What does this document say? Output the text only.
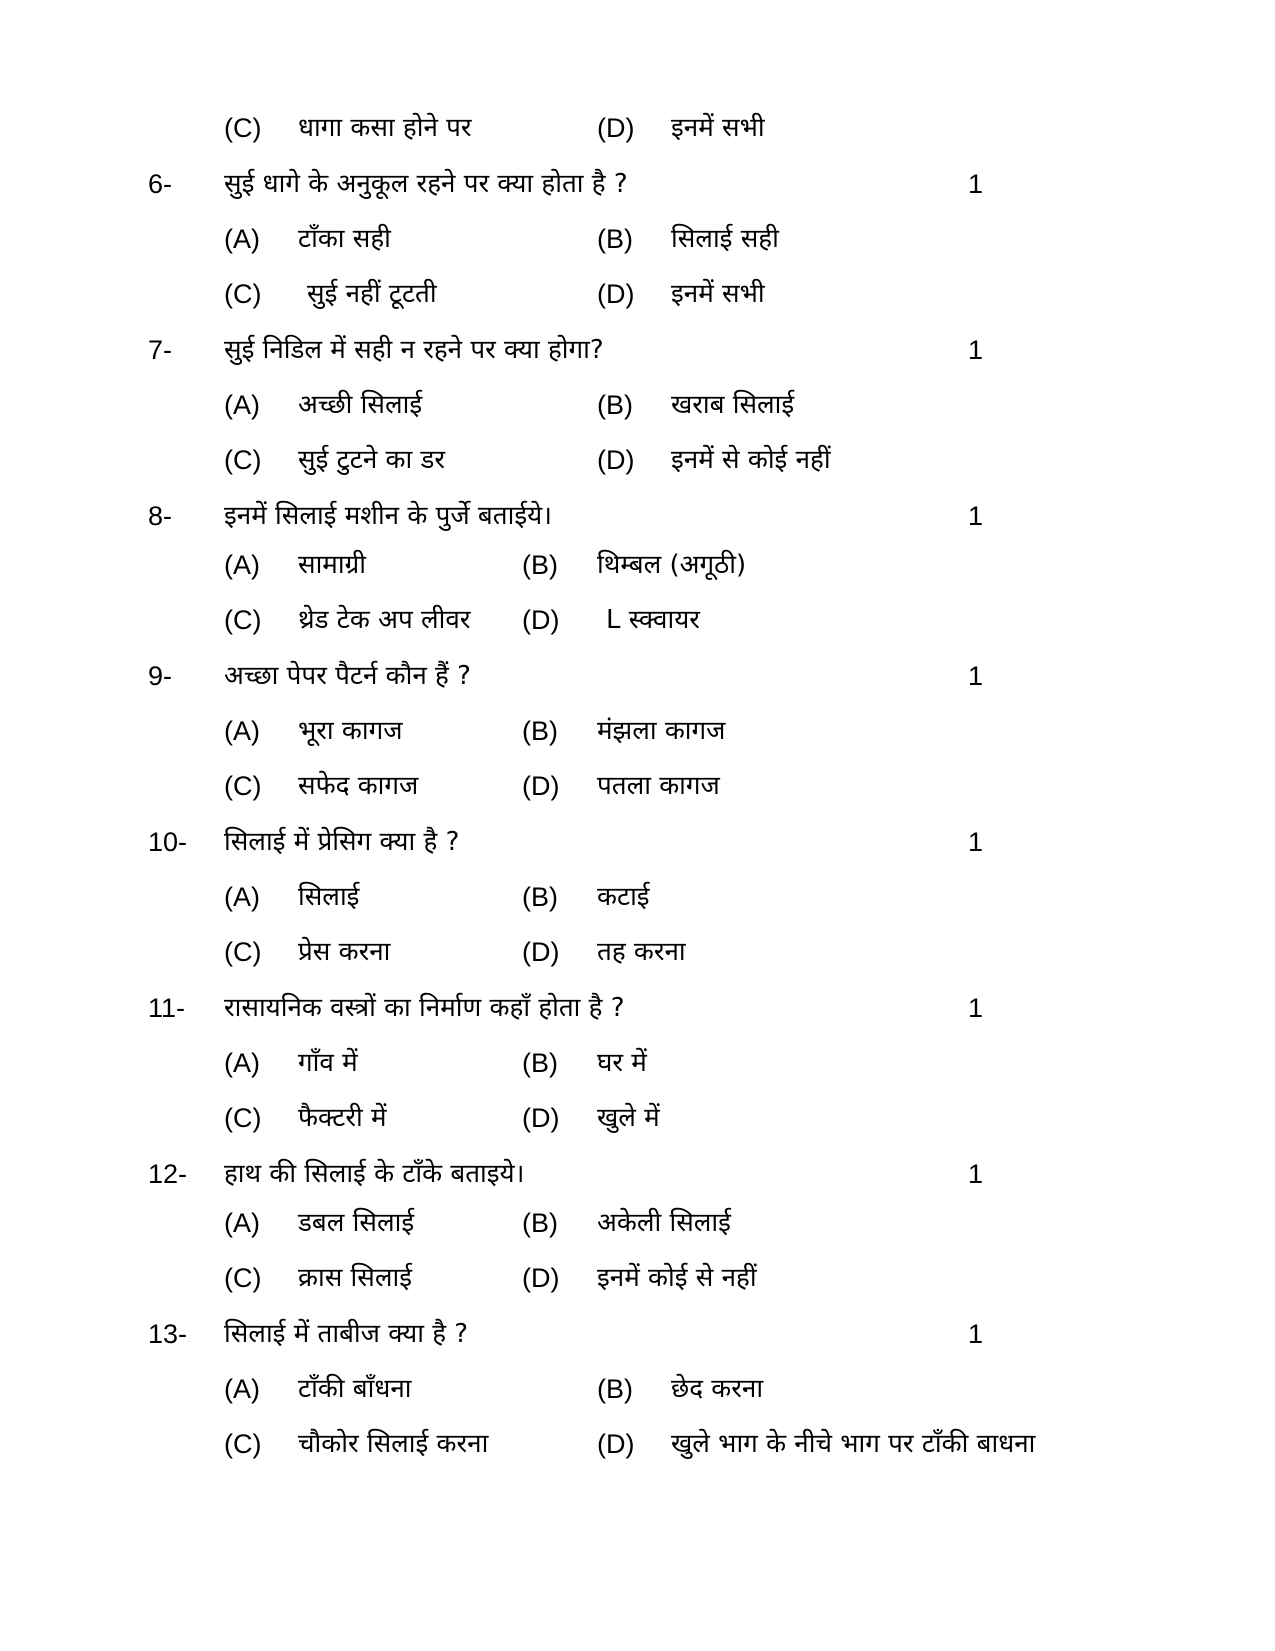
(C) धागा कसा होने पर	(D) इनमें सभी
6- सुई धागे के अनुकूल रहने पर क्या होता है ?	1
(A) टाँका सही	(B) सिलाई सही
(C) सुई नहीं टूटती	(D) इनमें सभी
7- सुई निडिल में सही न रहने पर क्या होगा?	1
(A) अच्छी सिलाई	(B) खराब सिलाई
(C) सुई टुटने का डर	(D) इनमें से कोई नहीं
8- इनमें सिलाई मशीन के पुर्जे बताईये।	1
(A) सामाग्री	(B) थिम्बल (अगूठी)
(C) थ्रेड टेक अप लीवर (D) L स्क्वायर
9- अच्छा पेपर पैटर्न कौन हैं ?	1
(A) भूरा कागज	(B) मंझला कागज
(C) सफेद कागज	(D) पतला कागज
10- सिलाई में प्रेसिग क्या है ?	1
(A) सिलाई	(B) कटाई
(C) प्रेस करना	(D) तह करना
11- रासायनिक वस्त्रों का निर्माण कहाँ होता है ?	1
(A) गाँव में	(B) घर में
(C) फैक्टरी में	(D) खुले में
12- हाथ की सिलाई के टाँके बताइये।	1
(A) डबल सिलाई	(B) अकेली सिलाई
(C) क्रास सिलाई	(D) इनमें कोई से नहीं
13- सिलाई में ताबीज क्या है ?	1
(A) टाँकी बाँधना	(B) छेद करना
(C) चौकोर सिलाई करना	(D) खुले भाग के नीचे भाग पर टाँकी बाधना
